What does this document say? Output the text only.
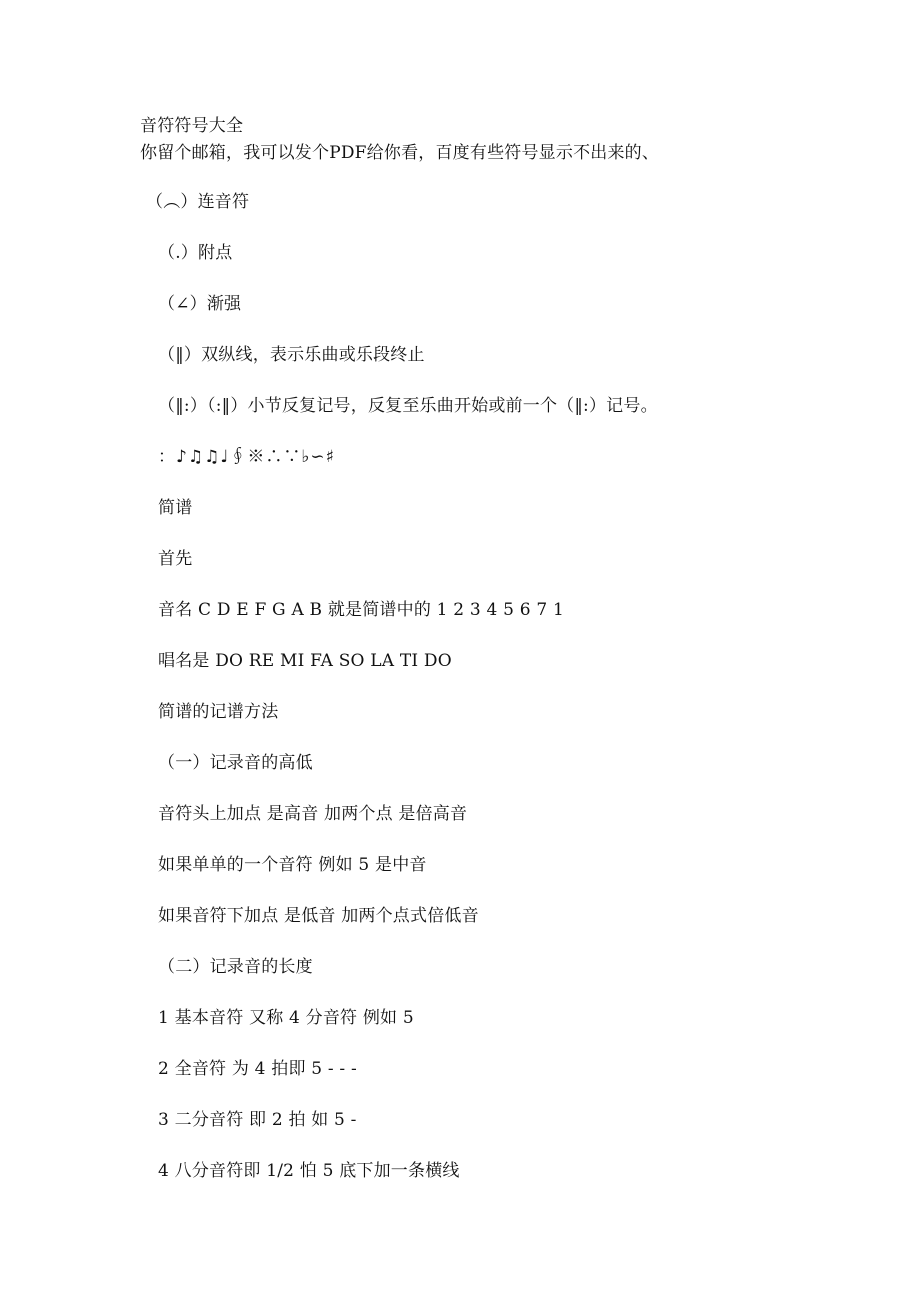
音符符号大全
你留个邮箱，我可以发个PDF给你看，百度有些符号显示不出来的、
（︵）连音符
（.）附点
（∠）渐强
（‖）双纵线，表示乐曲或乐段终止
（‖:）（:‖）小节反复记号，反复至乐曲开始或前一个（‖:）记号。
：♪♫♫♩∮※∴∵♭∽♯
简谱
首先
音名 C D E F G A B 就是简谱中的 1 2 3 4 5 6 7 1
唱名是 DO RE MI FA SO LA TI DO
简谱的记谱方法
（一）记录音的高低
音符头上加点 是高音 加两个点 是倍高音
如果单单的一个音符 例如 5 是中音
如果音符下加点 是低音 加两个点式倍低音
（二）记录音的长度
1 基本音符 又称 4 分音符 例如 5
2 全音符 为 4 拍即 5 - - -
3 二分音符 即 2 拍 如 5 -
4 八分音符即 1/2 怕 5 底下加一条横线
